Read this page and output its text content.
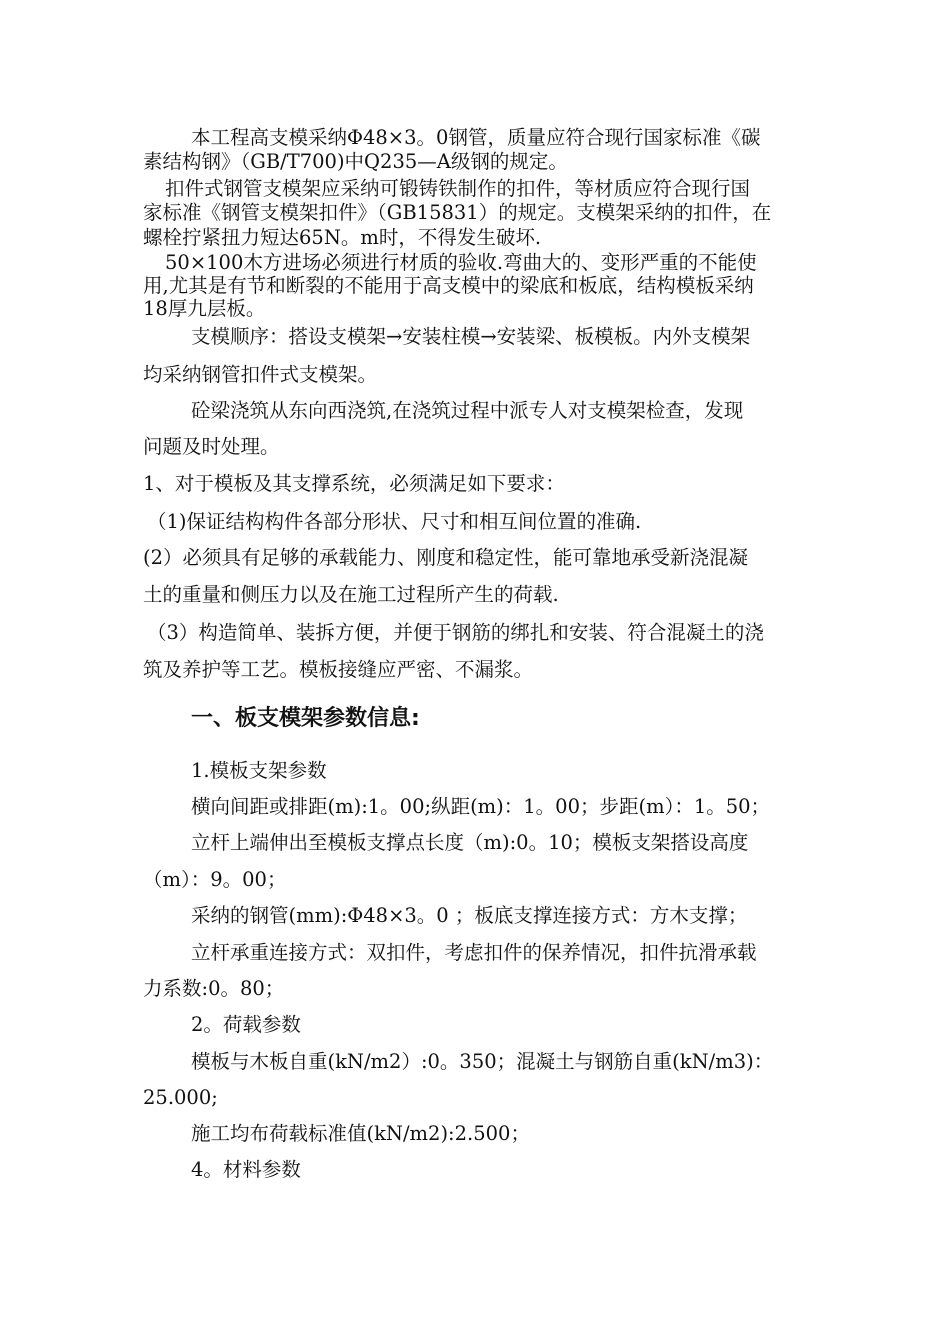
本工程高支模采纳Φ48×3。0钢管，质量应符合现行国家标准《碳
素结构钢》（GB/T700)中Q235—A级钢的规定。
扣件式钢管支模架应采纳可锻铸铁制作的扣件，等材质应符合现行国
家标准《钢管支模架扣件》（GB15831）的规定。支模架采纳的扣件，在
螺栓拧紧扭力短达65N。m时，不得发生破坏.
50×100木方进场必须进行材质的验收.弯曲大的、变形严重的不能使
用,尤其是有节和断裂的不能用于高支模中的梁底和板底，结构模板采纳
18厚九层板。
支模顺序：搭设支模架→安装柱模→安装梁、板模板。内外支模架
均采纳钢管扣件式支模架。
砼梁浇筑从东向西浇筑,在浇筑过程中派专人对支模架检查，发现
问题及时处理。
1、对于模板及其支撑系统，必须满足如下要求：
（1)保证结构构件各部分形状、尺寸和相互间位置的准确.
(2）必须具有足够的承载能力、刚度和稳定性，能可靠地承受新浇混凝
土的重量和侧压力以及在施工过程所产生的荷载.
（3）构造简单、装拆方便，并便于钢筋的绑扎和安装、符合混凝土的浇
筑及养护等工艺。模板接缝应严密、不漏浆。
一、板支模架参数信息:
1.模板支架参数
横向间距或排距(m):1。00;纵距(m)：1。00；步距(m）：1。50；
立杆上端伸出至模板支撑点长度（m):0。10；模板支架搭设高度
（m）：9。00；
采纳的钢管(mm):Φ48×3。0 ；板底支撑连接方式：方木支撑；
立杆承重连接方式：双扣件，考虑扣件的保养情况，扣件抗滑承载
力系数:0。80；
2。荷载参数
模板与木板自重(kN/m2）:0。350；混凝土与钢筋自重(kN/m3)：
25.000;
施工均布荷载标准值(kN/m2):2.500；
4。材料参数
